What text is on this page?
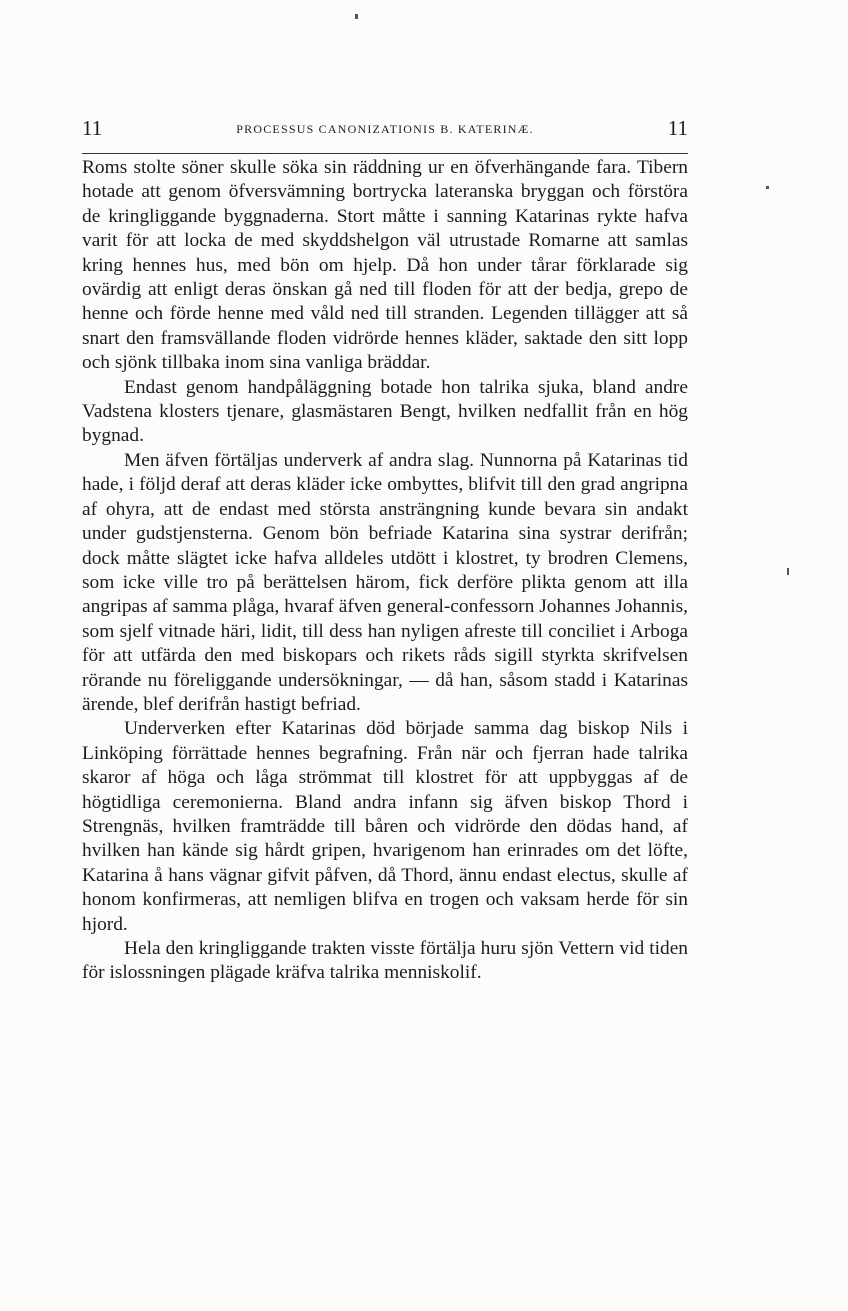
11	PROCESSUS CANONIZATIONIS B. KATERINÆ.	11

Roms stolte söner skulle söka sin räddning ur en öfverhängande fara. Tibern hotade att genom öfversvämning bortrycka lateranska bryggan och förstöra de kringliggande byggnaderna. Stort måtte i sanning Katarinas rykte hafva varit för att locka de med skyddshelgon väl utrustade Romarne att samlas kring hennes hus, med bön om hjelp. Då hon under tårar förklarade sig ovärdig att enligt deras önskan gå ned till floden för att der bedja, grepo de henne och förde henne med våld ned till stranden. Legenden tillägger att så snart den framsvällande floden vidrörde hennes kläder, saktade den sitt lopp och sjönk tillbaka inom sina vanliga bräddar.

Endast genom handpåläggning botade hon talrika sjuka, bland andre Vadstena klosters tjenare, glasmästaren Bengt, hvilken nedfallit från en hög bygnad.

Men äfven förtäljas underverk af andra slag. Nunnorna på Katarinas tid hade, i följd deraf att deras kläder icke ombyttes, blifvit till den grad angripna af ohyra, att de endast med största ansträngning kunde bevara sin andakt under gudstjensterna. Genom bön befriade Katarina sina systrar derifrån; dock måtte slägtet icke hafva alldeles utdött i klostret, ty brodren Clemens, som icke ville tro på berättelsen härom, fick derföre plikta genom att illa angripas af samma plåga, hvaraf äfven general-confessorn Johannes Johannis, som sjelf vitnade häri, lidit, till dess han nyligen afreste till conciliet i Arboga för att utfärda den med biskopars och rikets råds sigill styrkta skrifvelsen rörande nu föreliggande undersökningar, — då han, såsom stadd i Katarinas ärende, blef derifrån hastigt befriad.

Underverken efter Katarinas död började samma dag biskop Nils i Linköping förrättade hennes begrafning. Från när och fjerran hade talrika skaror af höga och låga strömmat till klostret för att uppbyggas af de högtidliga ceremonierna. Bland andra infann sig äfven biskop Thord i Strengnäs, hvilken framträdde till båren och vidrörde den dödas hand, af hvilken han kände sig hårdt gripen, hvarigenom han erinrades om det löfte, Katarina å hans vägnar gifvit påfven, då Thord, ännu endast electus, skulle af honom konfirmeras, att nemligen blifva en trogen och vaksam herde för sin hjord.

Hela den kringliggande trakten visste förtälja huru sjön Vettern vid tiden för islossningen plägade kräfva talrika menniskolif.
